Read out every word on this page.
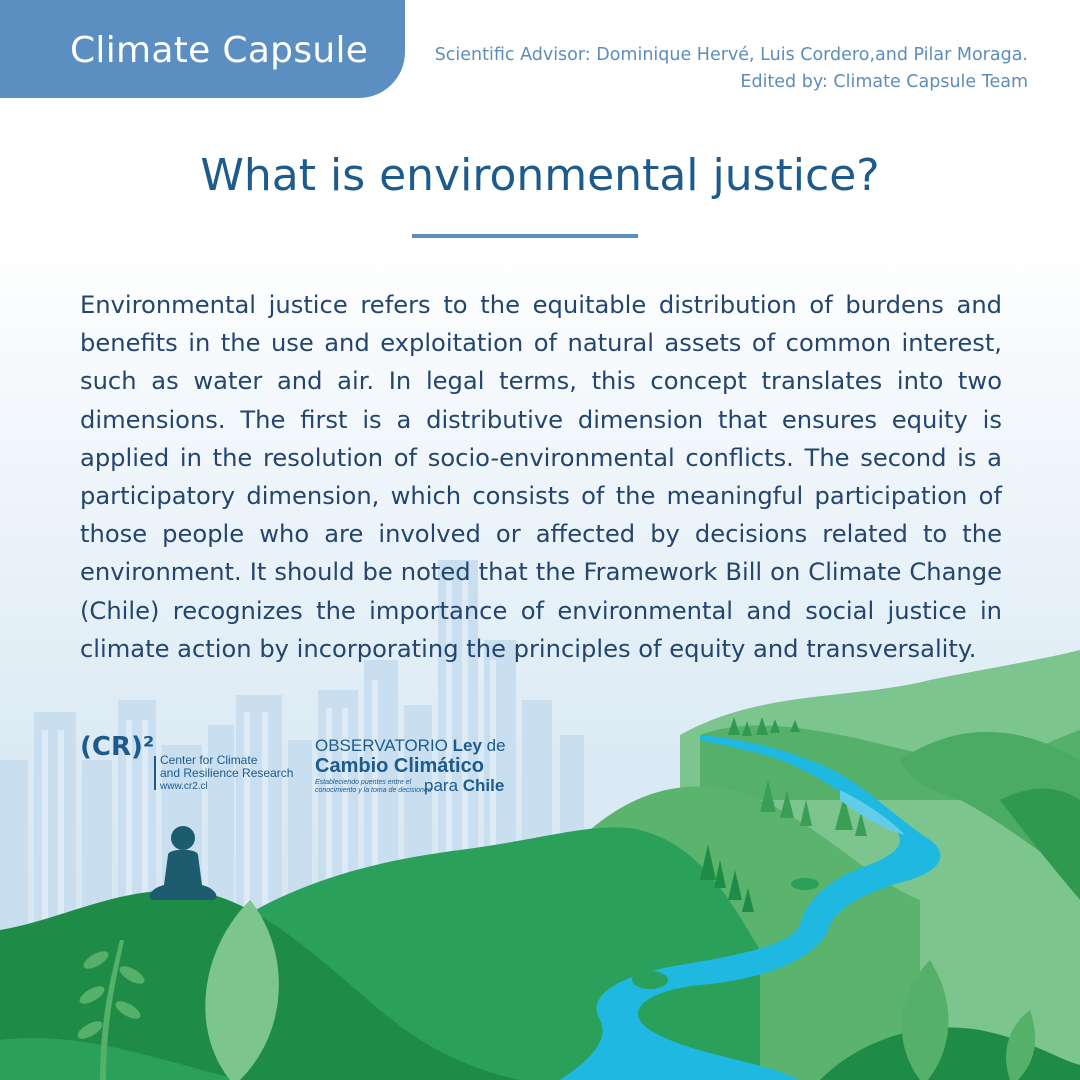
Climate Capsule	Scientific Advisor: Dominique Hervé, Luis Cordero,and Pilar Moraga.
Edited by: Climate Capsule Team
What is environmental justice?

Environmental justice refers to the equitable distribution of burdens and benefits in the use and exploitation of natural assets of common interest, such as water and air. In legal terms, this concept translates into two dimensions. The first is a distributive dimension that ensures equity is applied in the resolution of socio-environmental conflicts. The second is a participatory dimension, which consists of the meaningful participation of those people who are involved or affected by decisions related to the environment. It should be noted that the Framework Bill on Climate Change (Chile) recognizes the importance of environmental and social justice in climate action by incorporating the principles of equity and transversality.

(CR)² Center for Climate
and Resilience Research
www.cr2.cl
OBSERVATORIO Ley de
Cambio Climático
Estableciendo puentes entre el
conocimiento y la toma de decisiones
para Chile
